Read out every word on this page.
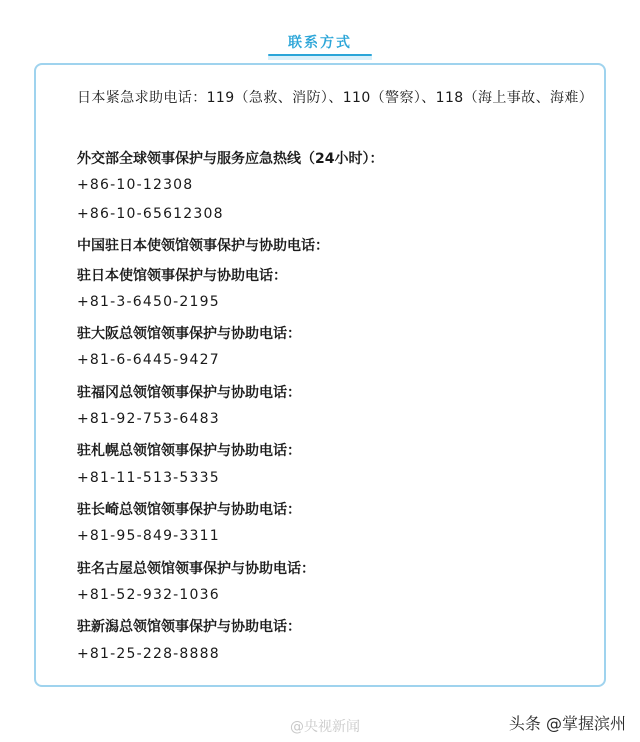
联系方式
日本紧急求助电话：119（急救、消防）、110（警察）、118（海上事故、海难）
外交部全球领事保护与服务应急热线（24小时）：
+86-10-12308
+86-10-65612308
中国驻日本使领馆领事保护与协助电话：
驻日本使馆领事保护与协助电话：
+81-3-6450-2195
驻大阪总领馆领事保护与协助电话：
+81-6-6445-9427
驻福冈总领馆领事保护与协助电话：
+81-92-753-6483
驻札幌总领馆领事保护与协助电话：
+81-11-513-5335
驻长崎总领馆领事保护与协助电话：
+81-95-849-3311
驻名古屋总领馆领事保护与协助电话：
+81-52-932-1036
驻新潟总领馆领事保护与协助电话：
+81-25-228-8888
@央视新闻	头条 @掌握滨州
